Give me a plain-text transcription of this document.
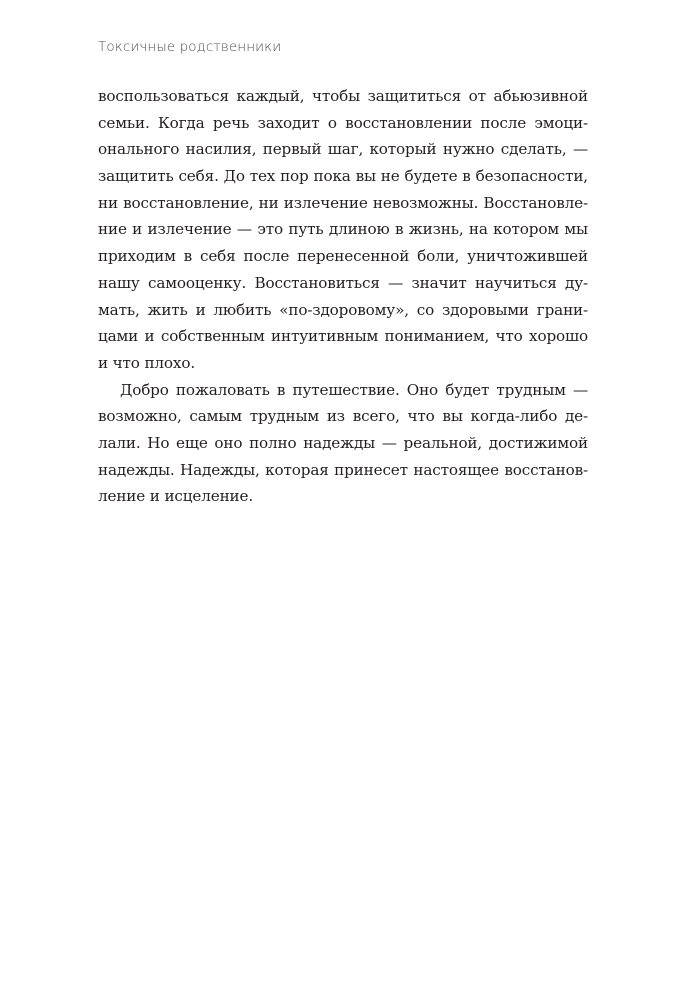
Токсичные родственники
воспользоваться каждый, чтобы защититься от абьюзивной
семьи. Когда речь заходит о восстановлении после эмоци-
онального насилия, первый шаг, который нужно сделать, —
защитить себя. До тех пор пока вы не будете в безопасности,
ни восстановление, ни излечение невозможны. Восстановле-
ние и излечение — это путь длиною в жизнь, на котором мы
приходим в себя после перенесенной боли, уничтожившей
нашу самооценку. Восстановиться — значит научиться ду-
мать, жить и любить «по-здоровому», со здоровыми грани-
цами и собственным интуитивным пониманием, что хорошо
и что плохо.
Добро пожаловать в путешествие. Оно будет трудным —
возможно, самым трудным из всего, что вы когда-либо де-
лали. Но еще оно полно надежды — реальной, достижимой
надежды. Надежды, которая принесет настоящее восстанов-
ление и исцеление.
